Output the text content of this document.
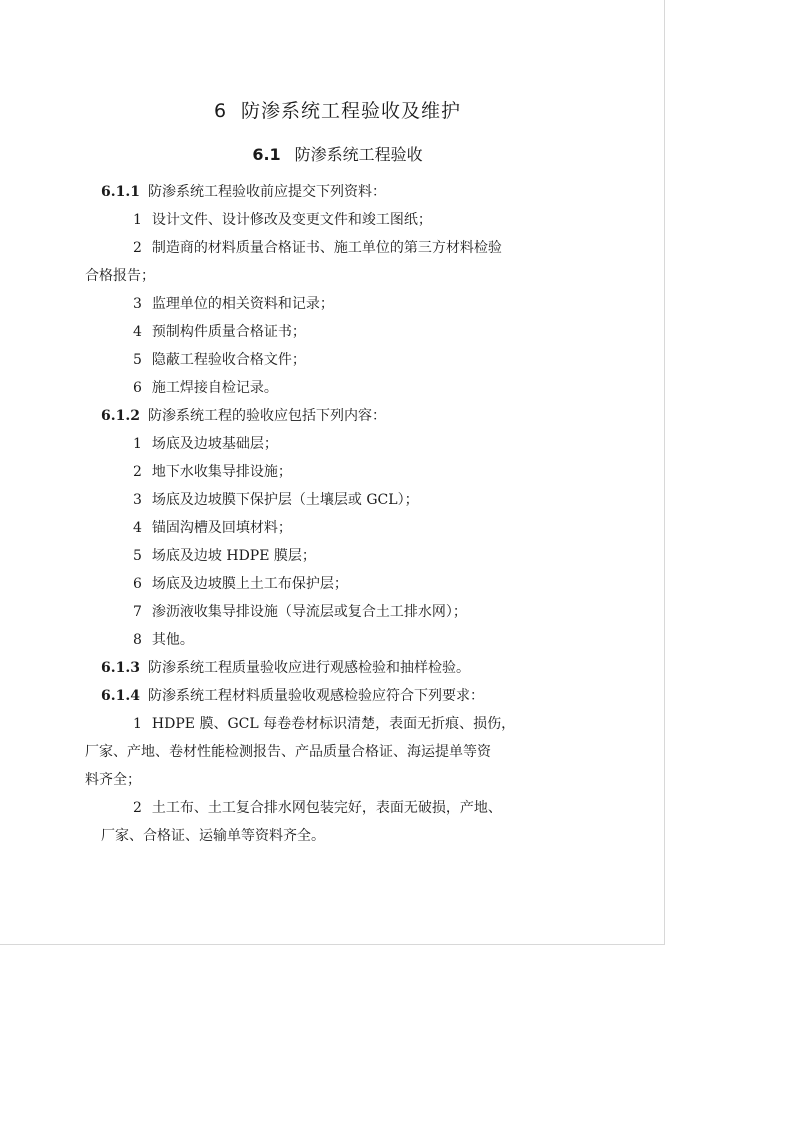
6 防渗系统工程验收及维护
6.1 防渗系统工程验收

6.1.1 防渗系统工程验收前应提交下列资料：

1 设计文件、设计修改及变更文件和竣工图纸；

2 制造商的材料质量合格证书、施工单位的第三方材料检验
合格报告；

3 监理单位的相关资料和记录；

4 预制构件质量合格证书；

5 隐蔽工程验收合格文件；

6 施工焊接自检记录。

6.1.2 防渗系统工程的验收应包括下列内容：

1 场底及边坡基础层；

2 地下水收集导排设施；

3 场底及边坡膜下保护层（土壤层或 GCL）；

4 锚固沟槽及回填材料；

5 场底及边坡 HDPE 膜层；

6 场底及边坡膜上土工布保护层；

7 渗沥液收集导排设施（导流层或复合土工排水网）；

8 其他。

6.1.3 防渗系统工程质量验收应进行观感检验和抽样检验。

6.1.4 防渗系统工程材料质量验收观感检验应符合下列要求：

1 HDPE 膜、GCL 每卷卷材标识清楚，表面无折痕、损伤，
厂家、产地、卷材性能检测报告、产品质量合格证、海运提单等资
料齐全；
2 土工布、土工复合排水网包装完好，表面无破损，产地、
厂家、合格证、运输单等资料齐全。
